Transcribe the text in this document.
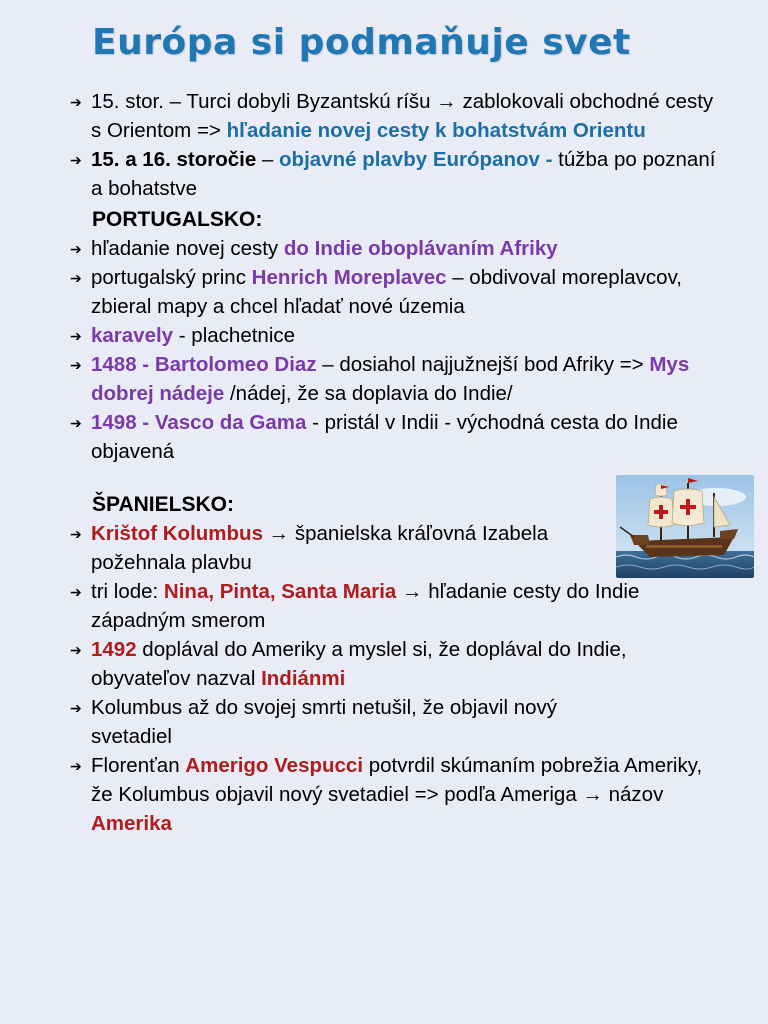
Európa si podmaňuje svet
➔ 15. stor. – Turci dobyli Byzantskú ríšu → zablokovali obchodné cesty s Orientom => hľadanie novej cesty k bohatstvám Orientu
➔ 15. a 16. storočie – objavné plavby Európanov - túžba po poznaní a bohatstve
PORTUGALSKO:
➔ hľadanie novej cesty do Indie oboplávaním Afriky
➔ portugalský princ Henrich Moreplavec – obdivoval moreplavcov, zbieral mapy a chcel hľadať nové územia
➔ karavely - plachetnice
➔ 1488 - Bartolomeo Diaz – dosiahol najjužnejší bod Afriky => Mys dobrej nádeje /nádej, že sa doplavia do Indie/
➔ 1498 - Vasco da Gama - pristál v Indii - východná cesta do Indie objavená
ŠPANIELSKO:
➔ Krištof Kolumbus → španielska kráľovná Izabela požehnala plavbu
➔ tri lode: Nina, Pinta, Santa Maria → hľadanie cesty do Indie západným smerom
➔ 1492 doplával do Ameriky a myslel si, že doplával do Indie, obyvateľov nazval Indiánmi
➔ Kolumbus až do svojej smrti netušil, že objavil nový svetadiel
➔ Florenťan Amerigo Vespucci potvrdil skúmaním pobrežia Ameriky, že Kolumbus objavil nový svetadiel => podľa Ameriga → názov Amerika
